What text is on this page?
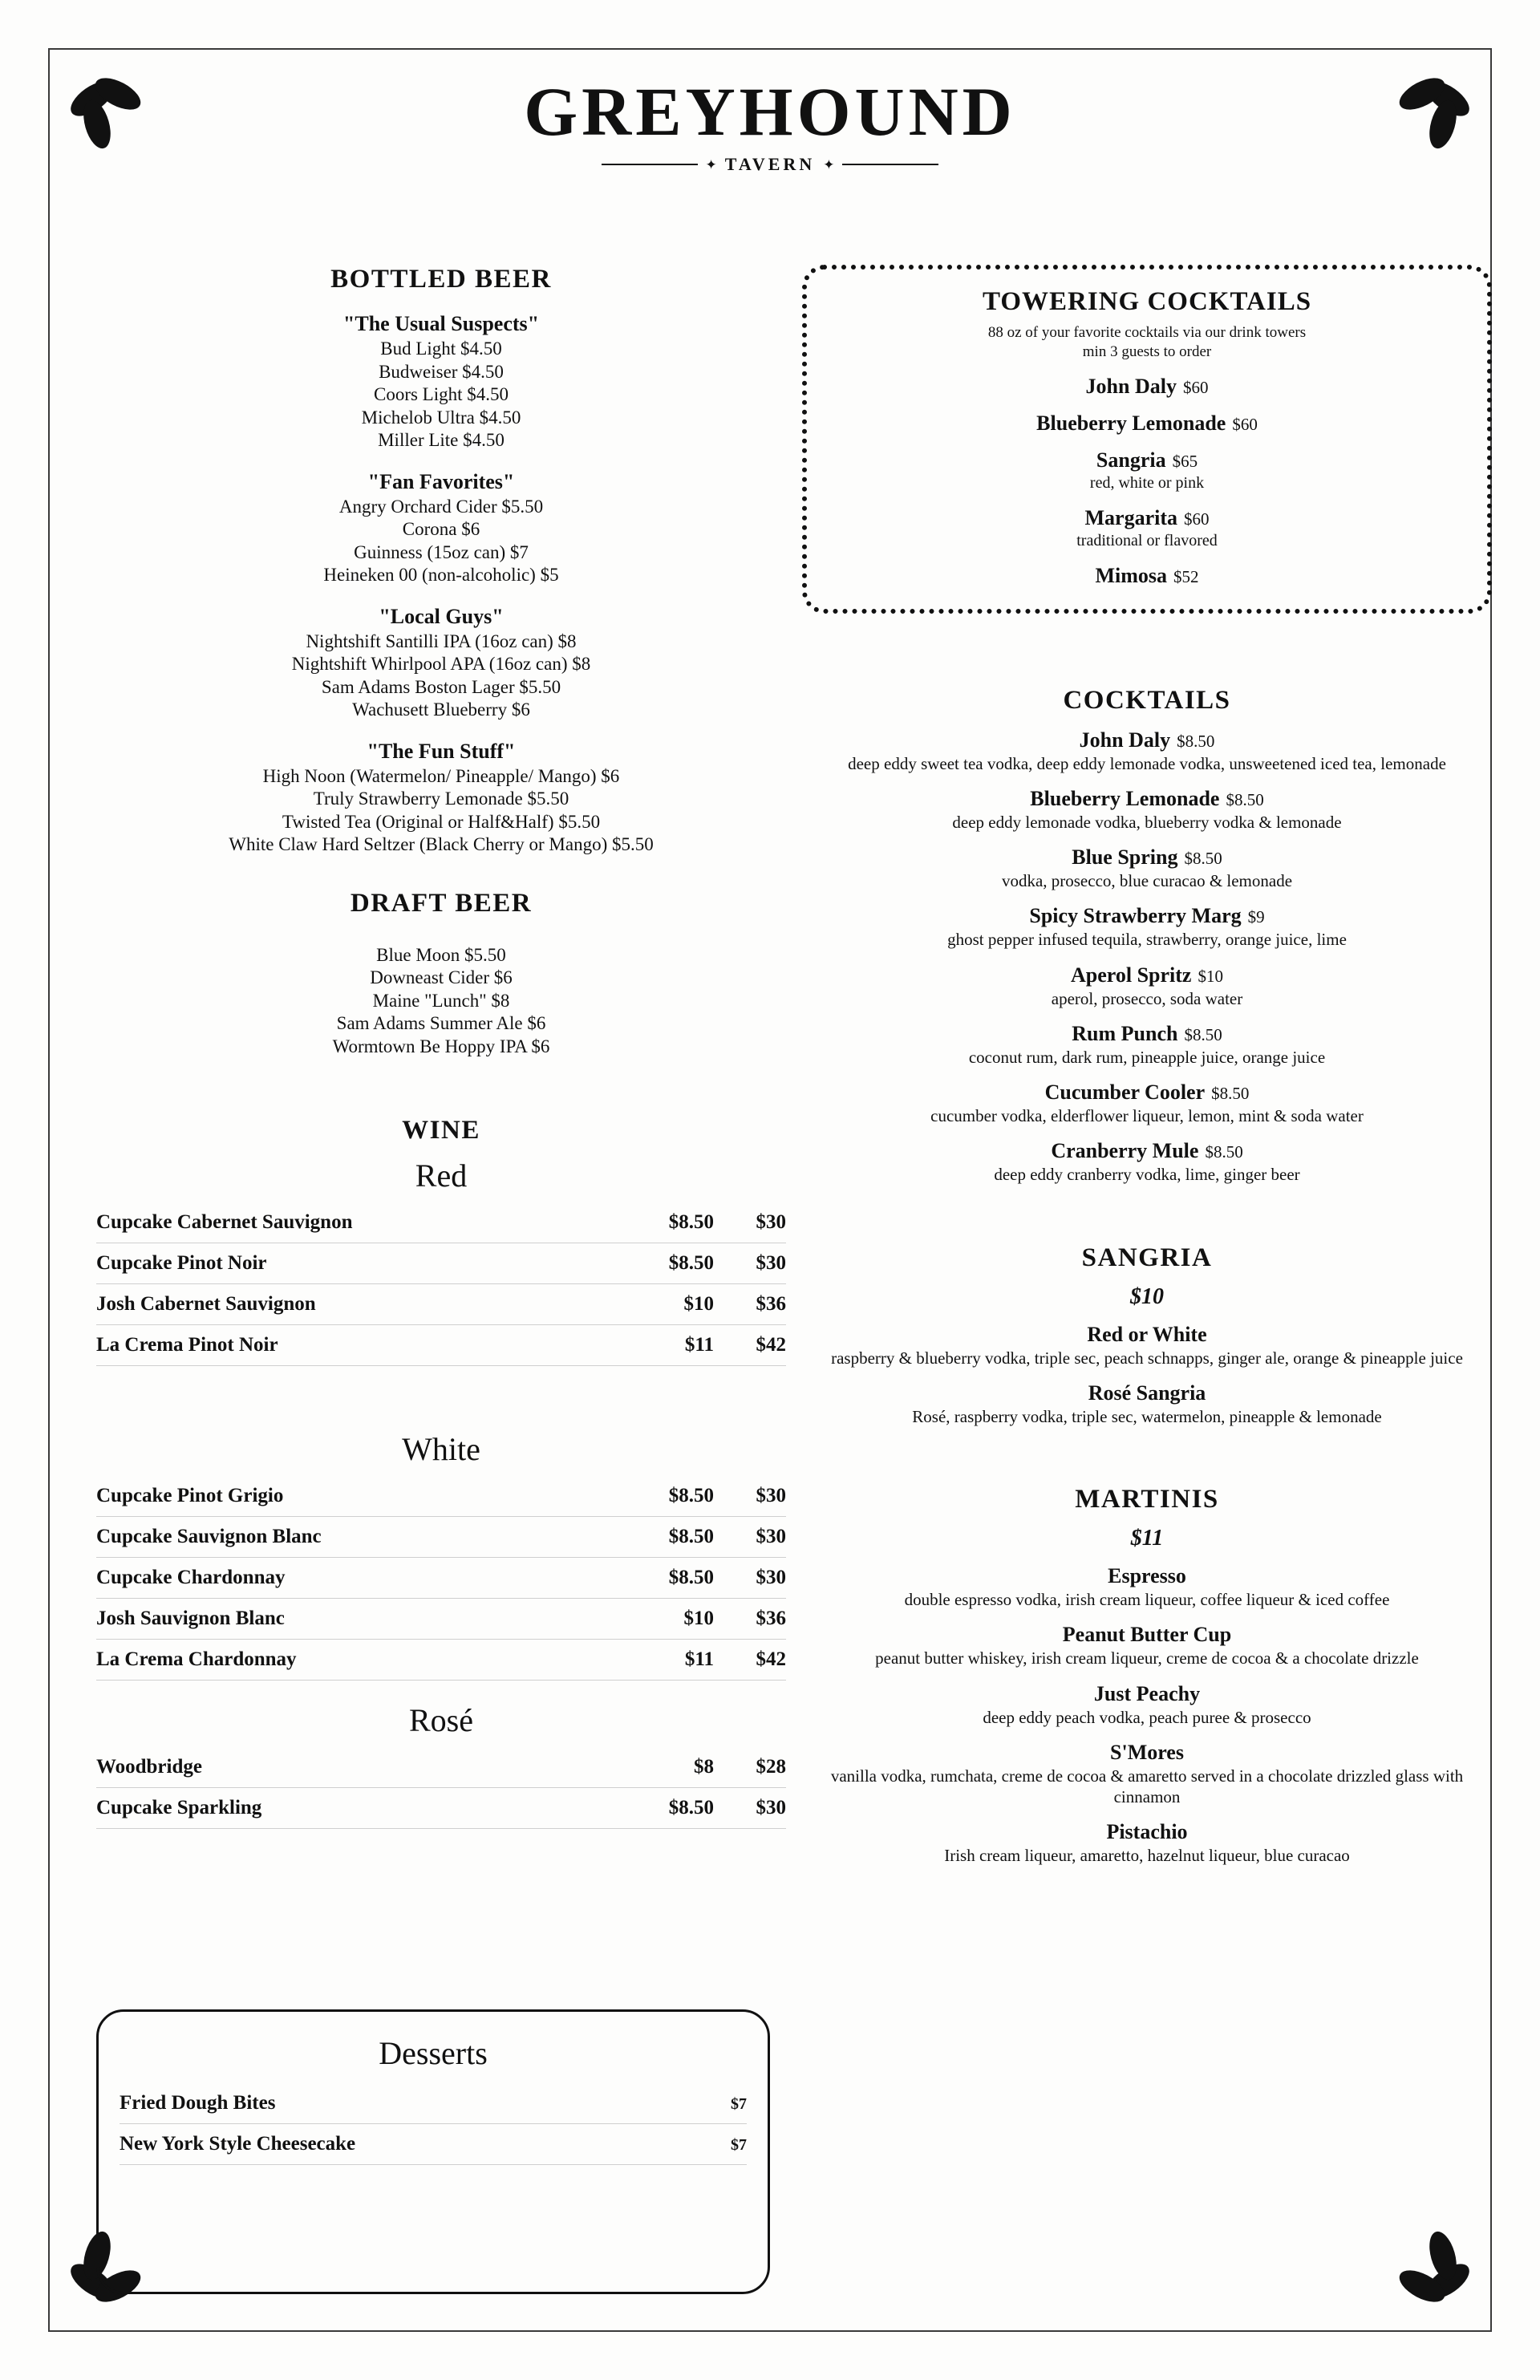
GREYHOUND
✦ TAVERN ✦
BOTTLED BEER
"The Usual Suspects"
Bud Light $4.50
Budweiser $4.50
Coors Light $4.50
Michelob Ultra $4.50
Miller Lite $4.50
"Fan Favorites"
Angry Orchard Cider $5.50
Corona $6
Guinness (15oz can) $7
Heineken 00 (non-alcoholic) $5
"Local Guys"
Nightshift Santilli IPA (16oz can) $8
Nightshift Whirlpool APA (16oz can) $8
Sam Adams Boston Lager $5.50
Wachusett Blueberry $6
"The Fun Stuff"
High Noon (Watermelon/ Pineapple/ Mango) $6
Truly Strawberry Lemonade $5.50
Twisted Tea (Original or Half&Half) $5.50
White Claw Hard Seltzer (Black Cherry or Mango) $5.50
DRAFT BEER
Blue Moon $5.50
Downeast Cider $6
Maine "Lunch" $8
Sam Adams Summer Ale $6
Wormtown Be Hoppy IPA $6
WINE
Red
Cupcake Cabernet Sauvignon	$8.50	$30
Cupcake Pinot Noir	$8.50	$30
Josh Cabernet Sauvignon	$10	$36
La Crema Pinot Noir	$11	$42
White
Cupcake Pinot Grigio	$8.50	$30
Cupcake Sauvignon Blanc	$8.50	$30
Cupcake Chardonnay	$8.50	$30
Josh Sauvignon Blanc	$10	$36
La Crema Chardonnay	$11	$42
Rosé
Woodbridge	$8	$28
Cupcake Sparkling	$8.50	$30
TOWERING COCKTAILS
88 oz of your favorite cocktails via our drink towers
min 3 guests to order
John Daly $60
Blueberry Lemonade $60
Sangria $65
red, white or pink
Margarita $60
traditional or flavored
Mimosa $52
COCKTAILS
John Daly $8.50
deep eddy sweet tea vodka, deep eddy lemonade vodka, unsweetened iced tea, lemonade
Blueberry Lemonade $8.50
deep eddy lemonade vodka, blueberry vodka & lemonade
Blue Spring $8.50
vodka, prosecco, blue curacao & lemonade
Spicy Strawberry Marg $9
ghost pepper infused tequila, strawberry, orange juice, lime
Aperol Spritz $10
aperol, prosecco, soda water
Rum Punch $8.50
coconut rum, dark rum, pineapple juice, orange juice
Cucumber Cooler $8.50
cucumber vodka, elderflower liqueur, lemon, mint & soda water
Cranberry Mule $8.50
deep eddy cranberry vodka, lime, ginger beer
SANGRIA
$10
Red or White
raspberry & blueberry vodka, triple sec, peach schnapps, ginger ale, orange & pineapple juice
Rosé Sangria
Rosé, raspberry vodka, triple sec, watermelon, pineapple & lemonade
MARTINIS
$11
Espresso
double espresso vodka, irish cream liqueur, coffee liqueur & iced coffee
Peanut Butter Cup
peanut butter whiskey, irish cream liqueur, creme de cocoa & a chocolate drizzle
Just Peachy
deep eddy peach vodka, peach puree & prosecco
S'Mores
vanilla vodka, rumchata, creme de cocoa & amaretto served in a chocolate drizzled glass with cinnamon
Pistachio
Irish cream liqueur, amaretto, hazelnut liqueur, blue curacao
Desserts
Fried Dough Bites	$7
New York Style Cheesecake	$7
